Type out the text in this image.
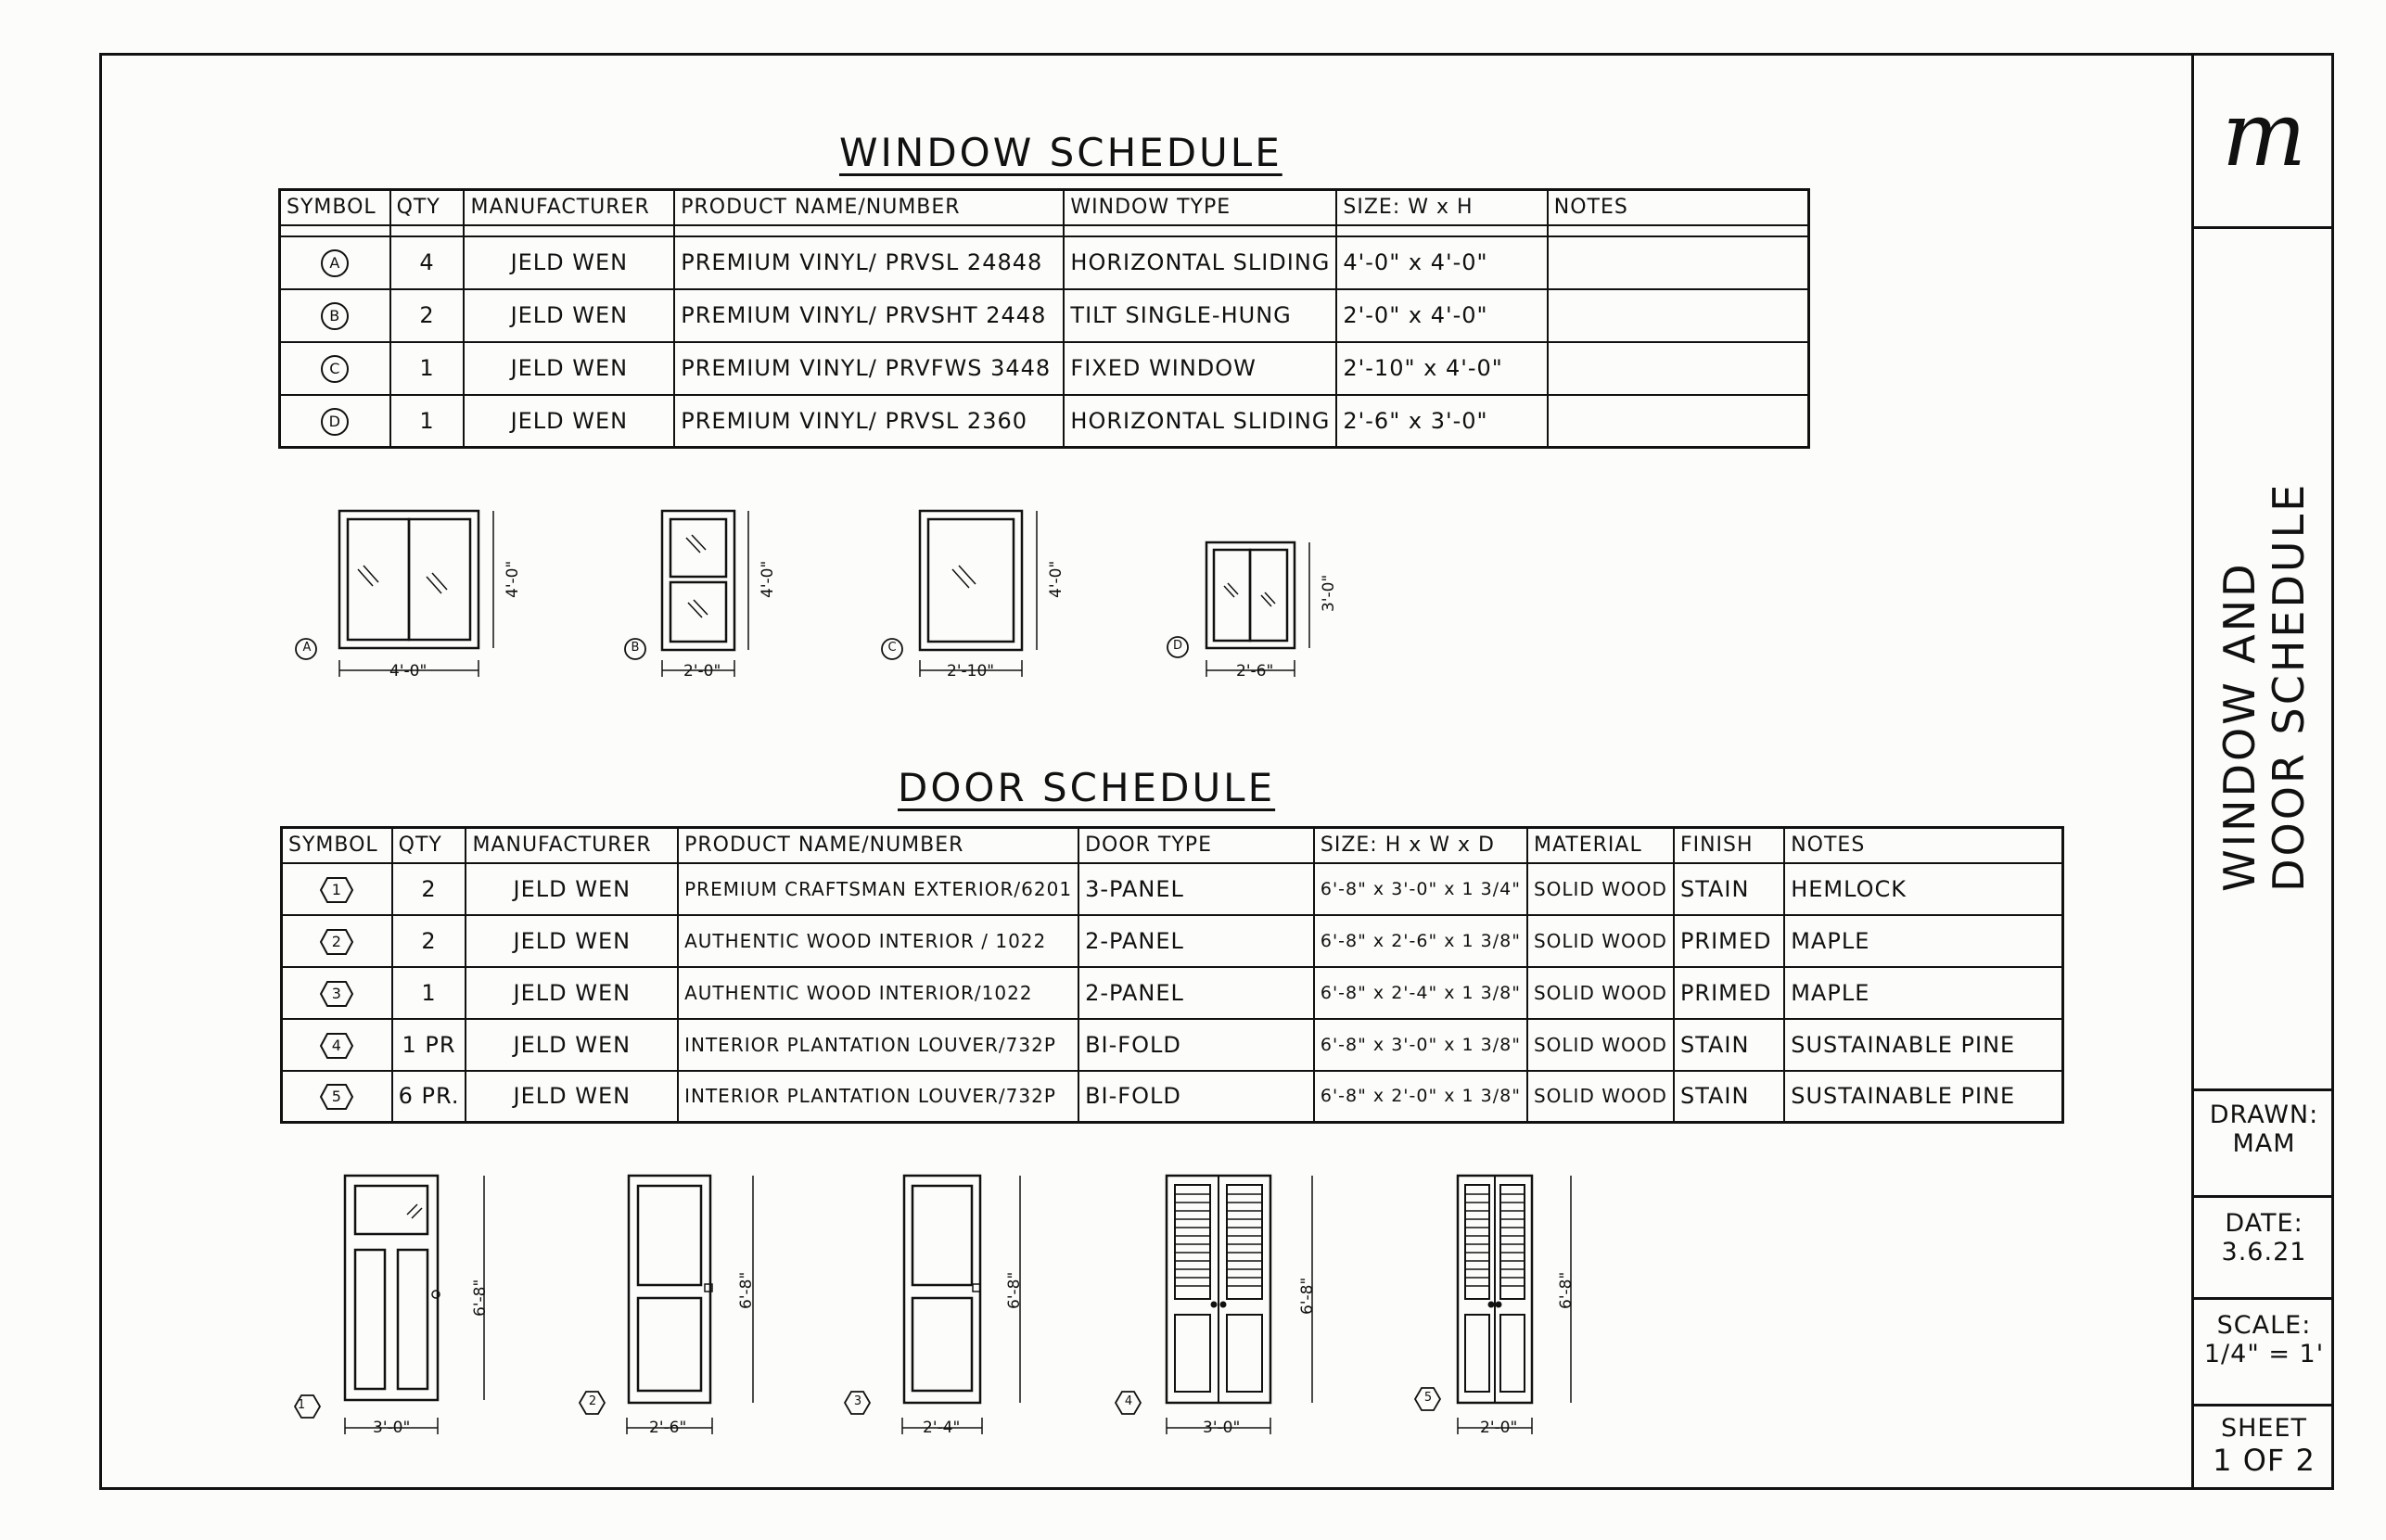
m
WINDOW AND
DOOR SCHEDULE
DRAWN:
MAM
DATE:
3.6.21
SCALE:
1/4" = 1'
SHEET
1 OF 2
WINDOW SCHEDULE
SYMBOL	QTY	MANUFACTURER	PRODUCT NAME/NUMBER	WINDOW TYPE	SIZE: W x H	NOTES

A	4	JELD WEN	PREMIUM VINYL/ PRVSL 24848	HORIZONTAL SLIDING	4'-0" x 4'-0"	
B	2	JELD WEN	PREMIUM VINYL/ PRVSHT 2448	TILT SINGLE-HUNG	2'-0" x 4'-0"	
C	1	JELD WEN	PREMIUM VINYL/ PRVFWS 3448	FIXED WINDOW	2'-10" x 4'-0"	
D	1	JELD WEN	PREMIUM VINYL/ PRVSL 2360	HORIZONTAL SLIDING	2'-6" x 3'-0"	
A
4'-0"
4'-0"
B
2'-0"
4'-0"
C
2'-10"
4'-0"
D
2'-6"
3'-0"
DOOR SCHEDULE
SYMBOL	QTY	MANUFACTURER	PRODUCT NAME/NUMBER	DOOR TYPE	SIZE: H x W x D	MATERIAL	FINISH	NOTES

1	2	JELD WEN	PREMIUM CRAFTSMAN EXTERIOR/6201	3-PANEL	6'-8" x 3'-0" x 1 3/4"	SOLID WOOD	STAIN	HEMLOCK

2	2	JELD WEN	AUTHENTIC WOOD INTERIOR / 1022	2-PANEL	6'-8" x 2'-6" x 1 3/8"	SOLID WOOD	PRIMED	MAPLE

3	1	JELD WEN	AUTHENTIC WOOD INTERIOR/1022	2-PANEL	6'-8" x 2'-4" x 1 3/8"	SOLID WOOD	PRIMED	MAPLE

4	1 PR	JELD WEN	INTERIOR PLANTATION LOUVER/732P	BI-FOLD	6'-8" x 3'-0" x 1 3/8"	SOLID WOOD	STAIN	SUSTAINABLE PINE

5	6 PR.	JELD WEN	INTERIOR PLANTATION LOUVER/732P	BI-FOLD	6'-8" x 2'-0" x 1 3/8"	SOLID WOOD	STAIN	SUSTAINABLE PINE
1
3'-0"
6'-8"
2
2'-6"
6'-8"
3
2'-4"
6'-8"
4
3'-0"
6'-8"
5
2'-0"
6'-8"
